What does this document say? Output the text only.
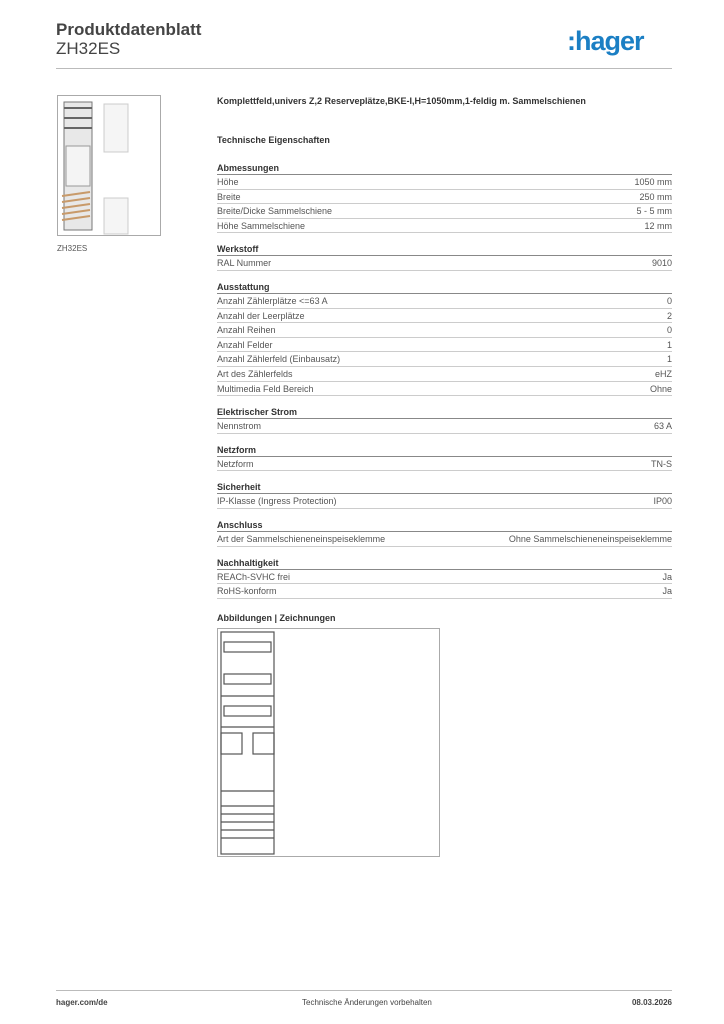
Produktdatenblatt
ZH32ES	:hager
ZH32ES
Komplettfeld,univers Z,2 Reserveplätze,BKE-I,H=1050mm,1-feldig m. Sammelschienen
Technische Eigenschaften
Abmessungen
Höhe	1050 mm
Breite	250 mm
Breite/Dicke Sammelschiene	5 - 5 mm
Höhe Sammelschiene	12 mm
Werkstoff
RAL Nummer	9010
Ausstattung
Anzahl Zählerplätze <=63 A	0
Anzahl der Leerplätze	2
Anzahl Reihen	0
Anzahl Felder	1
Anzahl Zählerfeld (Einbausatz)	1
Art des Zählerfelds	eHZ
Multimedia Feld Bereich	Ohne
Elektrischer Strom
Nennstrom	63 A
Netzform
Netzform	TN-S
Sicherheit
IP-Klasse (Ingress Protection)	IP00
Anschluss
Art der Sammelschieneneinspeiseklemme	Ohne Sammelschieneneinspeiseklemme
Nachhaltigkeit
REACh-SVHC frei	Ja
RoHS-konform	Ja
Abbildungen | Zeichnungen
hager.com/de	Technische Änderungen vorbehalten	08.03.2026
